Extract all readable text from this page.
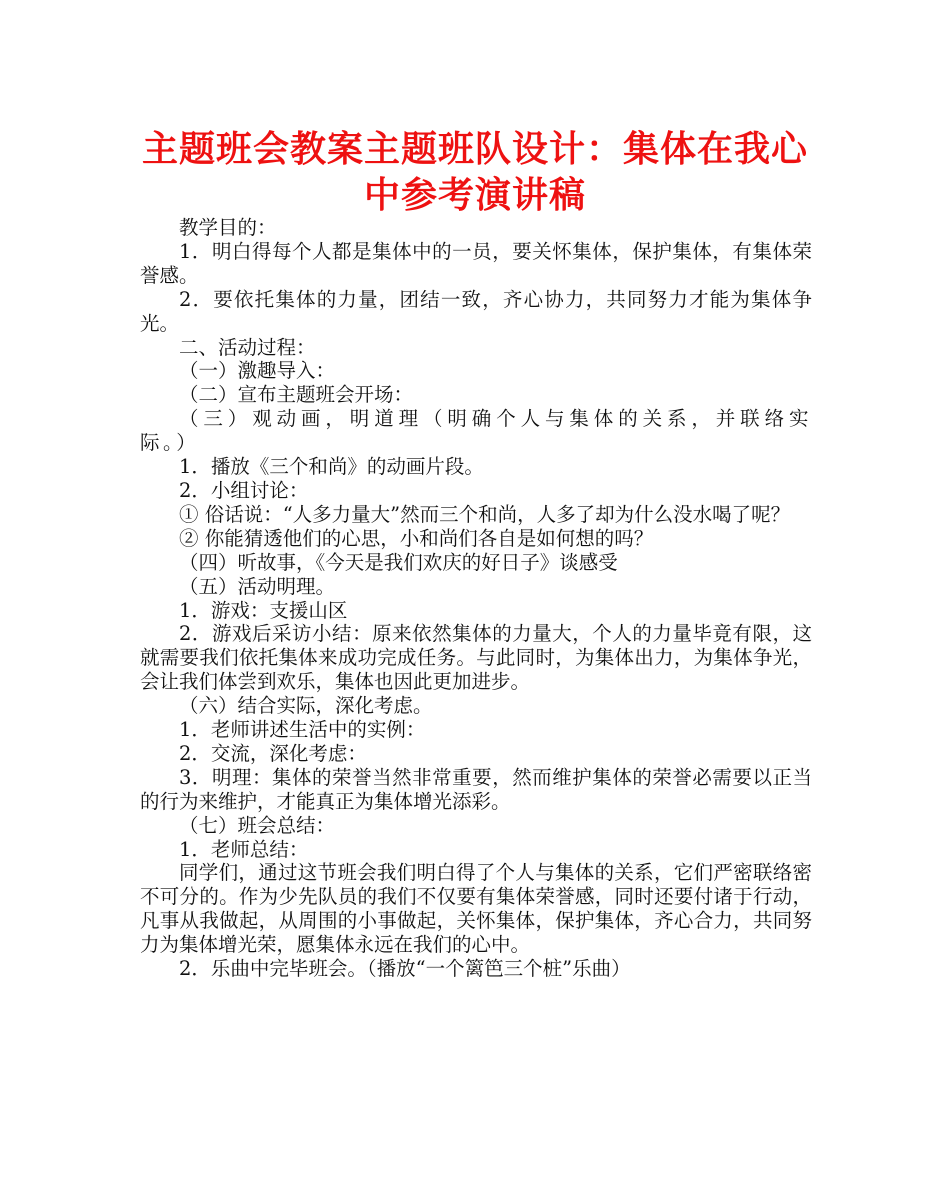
主题班会教案主题班队设计：集体在我心
中参考演讲稿

教学目的：

1．明白得每个人都是集体中的一员，要关怀集体，保护集体，有集体荣誉感。

2．要依托集体的力量，团结一致，齐心协力，共同努力才能为集体争光。

二、活动过程：

（一）激趣导入：

（二）宣布主题班会开场：

（三）观动画，明道理（明确个人与集体的关系，并联络实际。）

1．播放《三个和尚》的动画片段。

2．小组讨论：

① 俗话说：“人多力量大”然而三个和尚，人多了却为什么没水喝了呢？

② 你能猜透他们的心思，小和尚们各自是如何想的吗？

（四）听故事，《今天是我们欢庆的好日子》谈感受

（五）活动明理。

1．游戏：支援山区

2．游戏后采访小结：原来依然集体的力量大，个人的力量毕竟有限，这就需要我们依托集体来成功完成任务。与此同时，为集体出力，为集体争光，会让我们体尝到欢乐，集体也因此更加进步。

（六）结合实际，深化考虑。

1．老师讲述生活中的实例：

2．交流，深化考虑：

3．明理：集体的荣誉当然非常重要，然而维护集体的荣誉必需要以正当的行为来维护，才能真正为集体增光添彩。

（七）班会总结：

1．老师总结：

同学们，通过这节班会我们明白得了个人与集体的关系，它们严密联络密不可分的。作为少先队员的我们不仅要有集体荣誉感，同时还要付诸于行动，凡事从我做起，从周围的小事做起，关怀集体，保护集体，齐心合力，共同努力为集体增光荣，愿集体永远在我们的心中。

2．乐曲中完毕班会。（播放“一个篱笆三个桩”乐曲）
